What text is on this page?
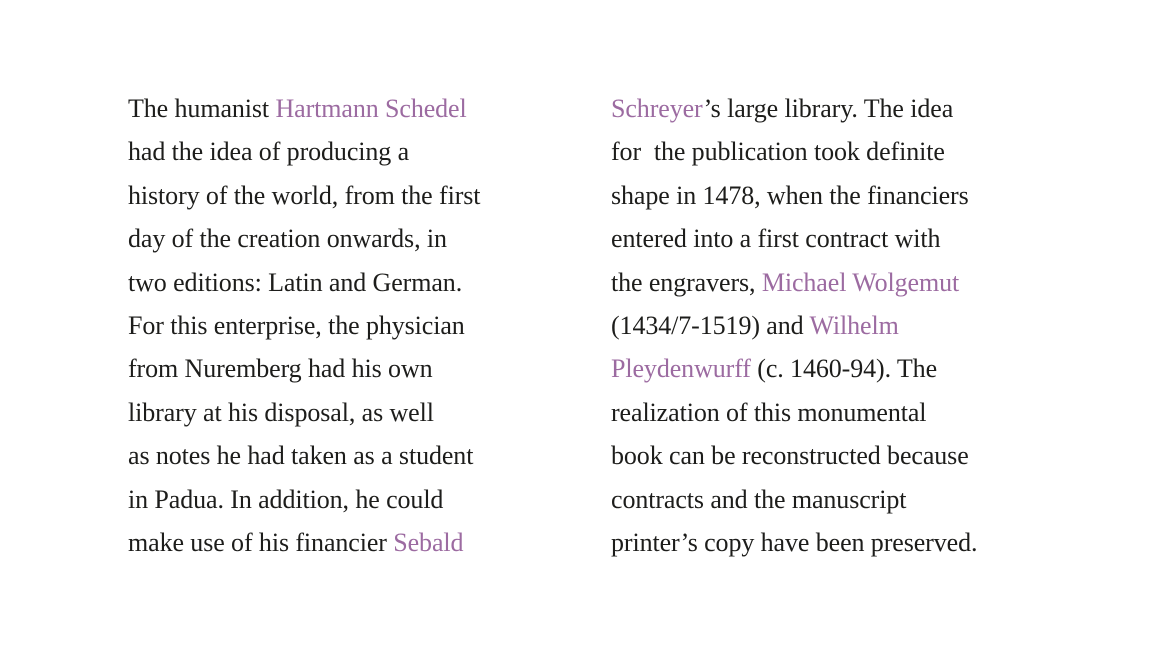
The humanist Hartmann Schedel
had the idea of producing a
history of the world, from the first
day of the creation onwards, in
two editions: Latin and German.
For this enterprise, the physician
from Nuremberg had his own
library at his disposal, as well
as notes he had taken as a student
in Padua. In addition, he could
make use of his financier Sebald
Schreyer’s large library. The idea
for  the publication took definite
shape in 1478, when the financiers
entered into a first contract with
the engravers, Michael Wolgemut
(1434/7-1519) and Wilhelm
Pleydenwurff (c. 1460-94). The
realization of this monumental
book can be reconstructed because
contracts and the manuscript
printer’s copy have been preserved.
